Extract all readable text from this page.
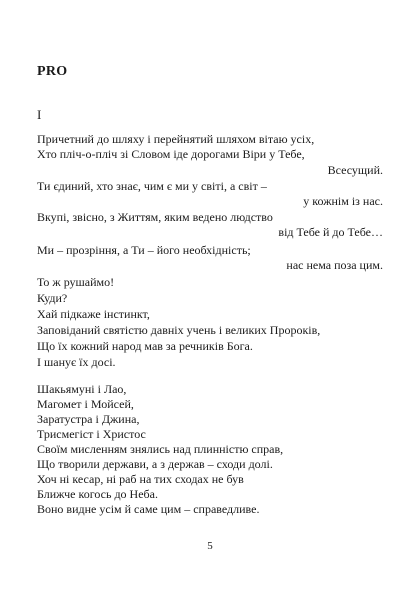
PRO
I
Причетний до шляху і перейнятий шляхом вітаю усіх,
Хто пліч-о-пліч зі Словом іде дорогами Віри у Тебе,
Всесущий.
Ти єдиний, хто знає, чим є ми у світі, а світ –
у кожнім із нас.
Вкупі, звісно, з Життям, яким ведено людство
від Тебе й до Тебе…
Ми – прозріння, а Ти – його необхідність;
нас нема поза цим.
То ж рушаймо!
Куди?
Хай підкаже інстинкт,
Заповіданий святістю давніх учень і великих Пророків,
Що їх кожний народ мав за речників Бога.
І шанує їх досі.
Шакьямуні і Лао,
Магомет і Мойсей,
Заратустра і Джина,
Трисмегіст і Христос
Своїм мисленням знялись над плинністю справ,
Що творили держави, а з держав – сходи долі.
Хоч ні кесар, ні раб на тих сходах не був
Ближче когось до Неба.
Воно видне усім й саме цим – справедливе.
5
